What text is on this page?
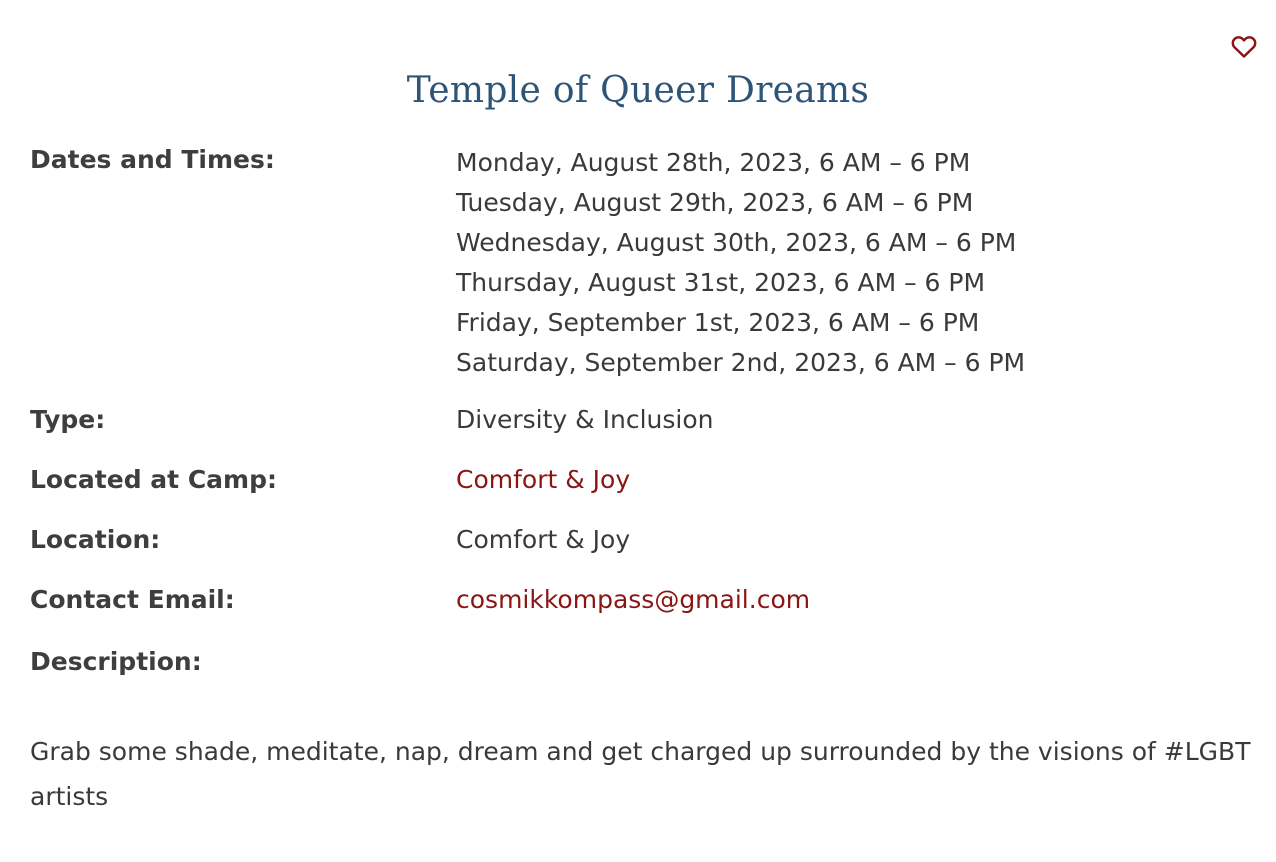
Temple of Queer Dreams
Dates and Times:	Monday, August 28th, 2023, 6 AM – 6 PM
Tuesday, August 29th, 2023, 6 AM – 6 PM
Wednesday, August 30th, 2023, 6 AM – 6 PM
Thursday, August 31st, 2023, 6 AM – 6 PM
Friday, September 1st, 2023, 6 AM – 6 PM
Saturday, September 2nd, 2023, 6 AM – 6 PM
Type:	Diversity & Inclusion
Located at Camp:	Comfort & Joy
Location:	Comfort & Joy
Contact Email:	cosmikkompass@gmail.com
Description:

Grab some shade, meditate, nap, dream and get charged up surrounded by the visions of #LGBT artists
